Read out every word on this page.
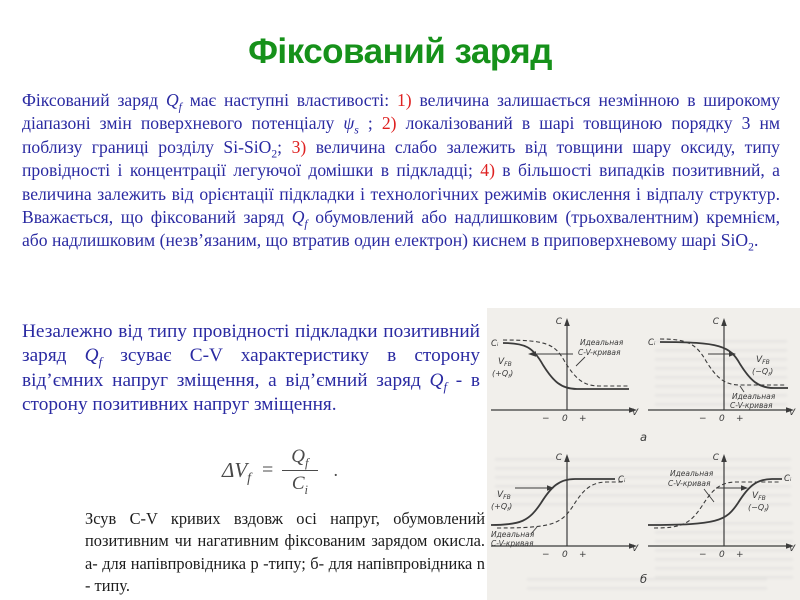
Фіксований заряд
Фіксований заряд $Q_f$ має наступні властивості: 1) величина залишається незмінною в широкому діапазоні змін поверхневого потенціалу $\psi_s$ ; 2) локалізований в шарі товщиною порядку 3 нм поблизу границі розділу Si-SiO$_2$; 3) величина слабо залежить від товщини шару оксиду, типу провідності і концентрації легуючої домішки в підкладці; 4) в більшості випадків позитивний, а величина залежить від орієнтації підкладки і технологічних режимів окислення і відпалу структур. Вважається, що фіксований заряд $Q_f$ обумовлений або надлишковим (трьохвалентним) кремнієм, або надлишковим (незв’язаним, що втратив один електрон) киснем в приповерхневому шарі SiO$_2$.
Незалежно від типу провідності підкладки позитивний заряд $Q_f$ зсуває C-V характеристику в сторону від’ємних напруг зміщення, а від’ємний заряд $Q_f$ - в сторону позитивних напруг зміщення.
$\Delta V_f = \frac{Q_f}{C_i}$ .
Зсув C-V кривих вздовж осі напруг, обумовлений позитивним чи нагативним фіксованим зарядом окисла. а- для напівпровідника p -типу; б- для напівпровідника n - типу.
C
V
Cᵢ
$V_{FB}$
$(+Q_f)$
Идеальная
C-V-кривая
− 0 +
C
V
Cᵢ
$V_{FB}$
$(-Q_f)$
Идеальная
C-V-кривая
− 0 +
а
C
V
Cᵢ
$V_{FB}$
$(+Q_f)$
Идеальная
C-V-кривая
− 0 +
C
V
Cᵢ
$V_{FB}$
$(-Q_f)$
Идеальная
C-V-кривая
− 0 +
б
